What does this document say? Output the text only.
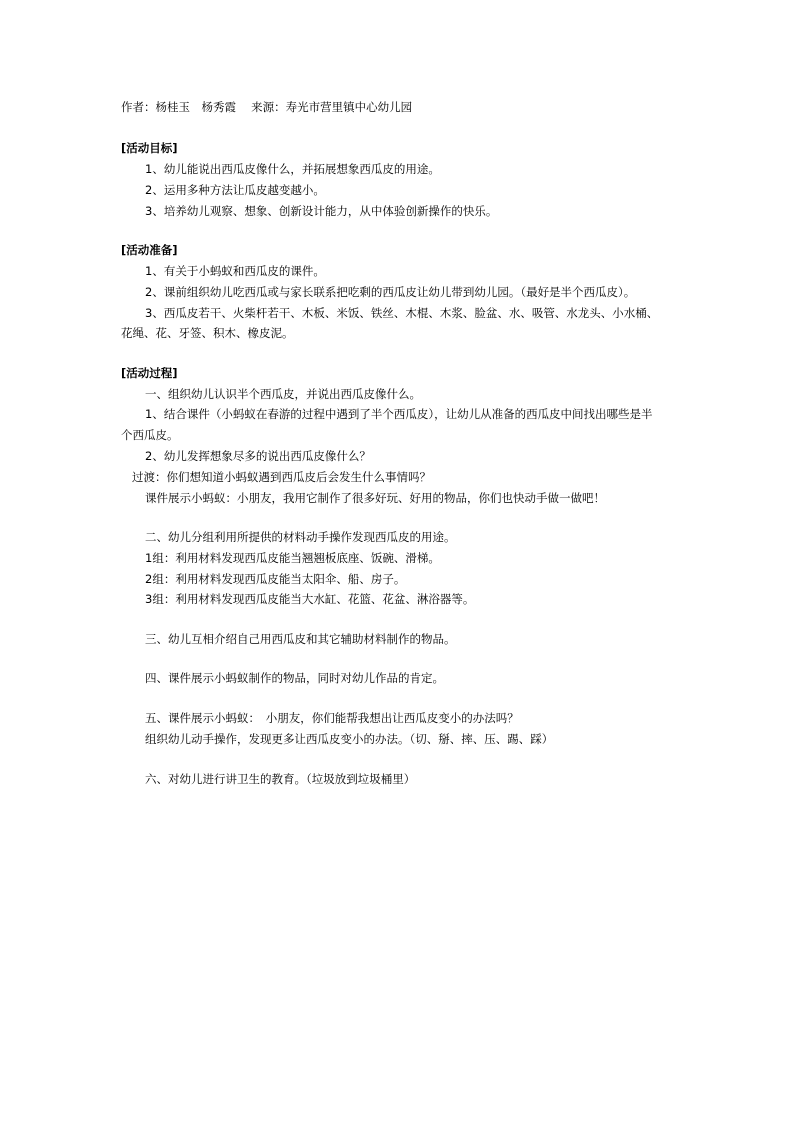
作者：杨桂玉　杨秀霞　 来源：寿光市营里镇中心幼儿园
[活动目标]
1、幼儿能说出西瓜皮像什么，并拓展想象西瓜皮的用途。
2、运用多种方法让瓜皮越变越小。
3、培养幼儿观察、想象、创新设计能力，从中体验创新操作的快乐。
[活动准备]
1、有关于小蚂蚁和西瓜皮的课件。
2、课前组织幼儿吃西瓜或与家长联系把吃剩的西瓜皮让幼儿带到幼儿园。（最好是半个西瓜皮）。
3、西瓜皮若干、火柴杆若干、木板、米饭、铁丝、木棍、木浆、脸盆、水、吸管、水龙头、小水桶、
花绳、花、牙签、积木、橡皮泥。
[活动过程]
一、组织幼儿认识半个西瓜皮，并说出西瓜皮像什么。
1、结合课件（小蚂蚁在春游的过程中遇到了半个西瓜皮），让幼儿从准备的西瓜皮中间找出哪些是半
个西瓜皮。
2、幼儿发挥想象尽多的说出西瓜皮像什么？
过渡：你们想知道小蚂蚁遇到西瓜皮后会发生什么事情吗？
课件展示小蚂蚁：小朋友，我用它制作了很多好玩、好用的物品，你们也快动手做一做吧！
二、幼儿分组利用所提供的材料动手操作发现西瓜皮的用途。
1组：利用材料发现西瓜皮能当翘翘板底座、饭碗、滑梯。
2组：利用材料发现西瓜皮能当太阳伞、船、房子。
3组：利用材料发现西瓜皮能当大水缸、花篮、花盆、淋浴器等。
三、幼儿互相介绍自己用西瓜皮和其它辅助材料制作的物品。
四、课件展示小蚂蚁制作的物品，同时对幼儿作品的肯定。
五、课件展示小蚂蚁：　小朋友，你们能帮我想出让西瓜皮变小的办法吗？
组织幼儿动手操作，发现更多让西瓜皮变小的办法。（切、掰、摔、压、踢、踩）
六、对幼儿进行讲卫生的教育。（垃圾放到垃圾桶里）
